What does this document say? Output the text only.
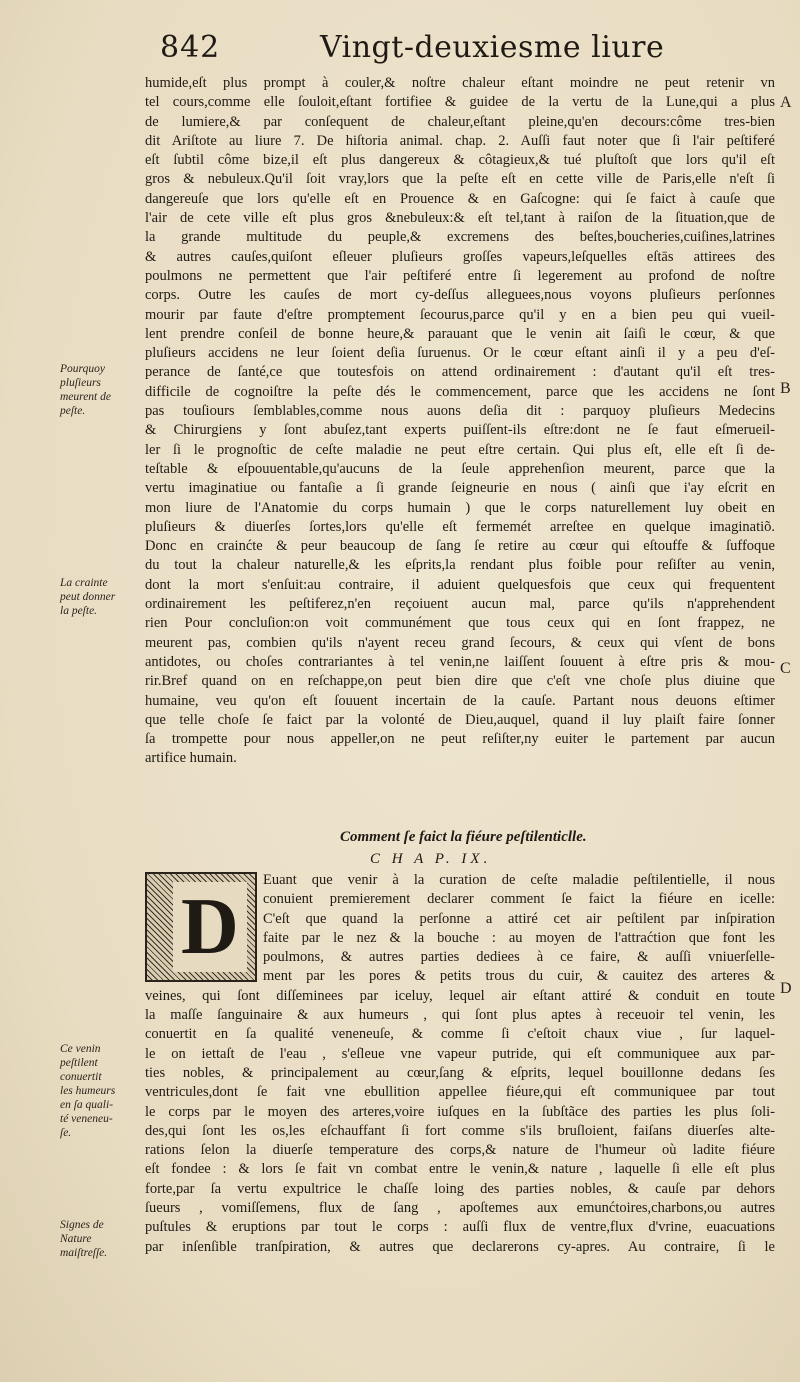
842	Vingt-deuxiesme liure
A
B
C
D
Pourquoy
pluſieurs
meurent de
peſte.
La crainte
peut donner
la peſte.
Ce venin
peſtilent
conuertit
les humeurs
en ſa quali-
té veneneu-
ſe.
Signes de
Nature
maiſtreſſe.
humide,eſt plus prompt à couler,& noſtre chaleur eſtant moindre ne peut retenir vn
tel cours,comme elle ſouloit,eſtant fortifiee & guidee de la vertu de la Lune,qui a plus
de lumiere,& par conſequent de chaleur,eſtant pleine,qu'en decours:côme tres-bien
dit Ariſtote au liure 7. De hiſtoria animal. chap. 2. Auſſi faut noter que ſi l'air peſtiferé
eſt ſubtil côme bize,il eſt plus dangereux & côtagieux,& tué pluſtoſt que lors qu'il eſt
gros & nebuleux.Qu'il ſoit vray,lors que la peſte eſt en cette ville de Paris,elle n'eſt ſi
dangereuſe que lors qu'elle eſt en Prouence & en Gaſcogne: qui ſe faict à cauſe que
l'air de cete ville eſt plus gros &nebuleux:& eſt tel,tant à raiſon de la ſituation,que de
la grande multitude du peuple,& excremens des beſtes,boucheries,cuiſines,latrines
& autres cauſes,quiſont eſleuer pluſieurs groſſes vapeurs,leſquelles eſtās attirees des
poulmons ne permettent que l'air peſtiferé entre ſi legerement au profond de noſtre
corps. Outre les cauſes de mort cy-deſſus alleguees,nous voyons pluſieurs perſonnes
mourir par faute d'eſtre promptement ſecourus,parce qu'il y en a bien peu qui vueil-
lent prendre conſeil de bonne heure,& parauant que le venin ait ſaiſi le cœur, & que
pluſieurs accidens ne leur ſoient deſia ſuruenus. Or le cœur eſtant ainſi il y a peu d'eſ-
perance de ſanté,ce que toutesfois on attend ordinairement : d'autant qu'il eſt tres-
difficile de cognoiſtre la peſte dés le commencement, parce que les accidens ne ſont
pas touſiours ſemblables,comme nous auons deſia dit : parquoy pluſieurs Medecins
& Chirurgiens y ſont abuſez,tant experts puiſſent-ils eſtre:dont ne ſe faut eſmerueil-
ler ſi le prognoſtic de ceſte maladie ne peut eſtre certain. Qui plus eſt, elle eſt ſi de-
teſtable & eſpouuentable,qu'aucuns de la ſeule apprehenſion meurent, parce que la
vertu imaginatiue ou fantaſie a ſi grande ſeigneurie en nous ( ainſi que i'ay eſcrit en
mon liure de l'Anatomie du corps humain ) que le corps naturellement luy obeit en
pluſieurs & diuerſes ſortes,lors qu'elle eſt fermemét arreſtee en quelque imaginatiõ.
Donc en crainćte & peur beaucoup de ſang ſe retire au cœur qui eſtouffe & ſuffoque
du tout la chaleur naturelle,& les eſprits,la rendant plus foible pour reſiſter au venin,
dont la mort s'enſuit:au contraire, il aduient quelquesfois que ceux qui frequentent
ordinairement les peſtiferez,n'en reçoiuent aucun mal, parce qu'ils n'apprehendent
rien Pour concluſion:on voit communément que tous ceux qui en ſont frappez, ne
meurent pas, combien qu'ils n'ayent receu grand ſecours, & ceux qui vſent de bons
antidotes, ou choſes contrariantes à tel venin,ne laiſſent ſouuent à eſtre pris & mou-
rir.Bref quand on en reſchappe,on peut bien dire que c'eſt vne choſe plus diuine que
humaine, veu qu'on eſt ſouuent incertain de la cauſe. Partant nous deuons eſtimer
que telle choſe ſe faict par la volonté de Dieu,auquel, quand il luy plaiſt faire ſonner
ſa trompette pour nous appeller,on ne peut reſiſter,ny euiter le partement par aucun
artifice humain.
Comment ſe faict la fiéure peſtilenticlle.
C H A P. IX.
D
Euant que venir à la curation de ceſte maladie peſtilentielle, il nous
conuient premierement declarer comment ſe faict la fiéure en icelle:
C'eſt que quand la perſonne a attiré cet air peſtilent par inſpiration
faite par le nez & la bouche : au moyen de l'attraćtion que font les
poulmons, & autres parties dediees à ce faire, & auſſi vniuerſelle-
ment par les pores & petits trous du cuir, & cauitez des arteres &
veines, qui ſont diſſeminees par iceluy, lequel air eſtant attiré & conduit en toute
la maſſe ſanguinaire & aux humeurs , qui ſont plus aptes à receuoir tel venin, les
conuertit en ſa qualité veneneuſe, & comme ſi c'eſtoit chaux viue , ſur laquel-
le on iettaſt de l'eau , s'eſleue vne vapeur putride, qui eſt communiquee aux par-
ties nobles, & principalement au cœur,ſang & eſprits, lequel bouillonne dedans ſes
ventricules,dont ſe fait vne ebullition appellee fiéure,qui eſt communiquee par tout
le corps par le moyen des arteres,voire iuſques en la ſubſtãce des parties les plus ſoli-
des,qui ſont les os,les eſchauffant ſi fort comme s'ils bruſloient, faiſans diuerſes alte-
rations ſelon la diuerſe temperature des corps,& nature de l'humeur où ladite fiéure
eſt fondee : & lors ſe fait vn combat entre le venin,& nature , laquelle ſi elle eſt plus
forte,par ſa vertu expultrice le chaſſe loing des parties nobles, & cauſe par dehors
ſueurs , vomiſſemens, flux de ſang , apoſtemes aux emunćtoires,charbons,ou autres
puſtules & eruptions par tout le corps : auſſi flux de ventre,flux d'vrine, euacuations
par inſenſible tranſpiration, & autres que declarerons cy-apres. Au contraire, ſi le
